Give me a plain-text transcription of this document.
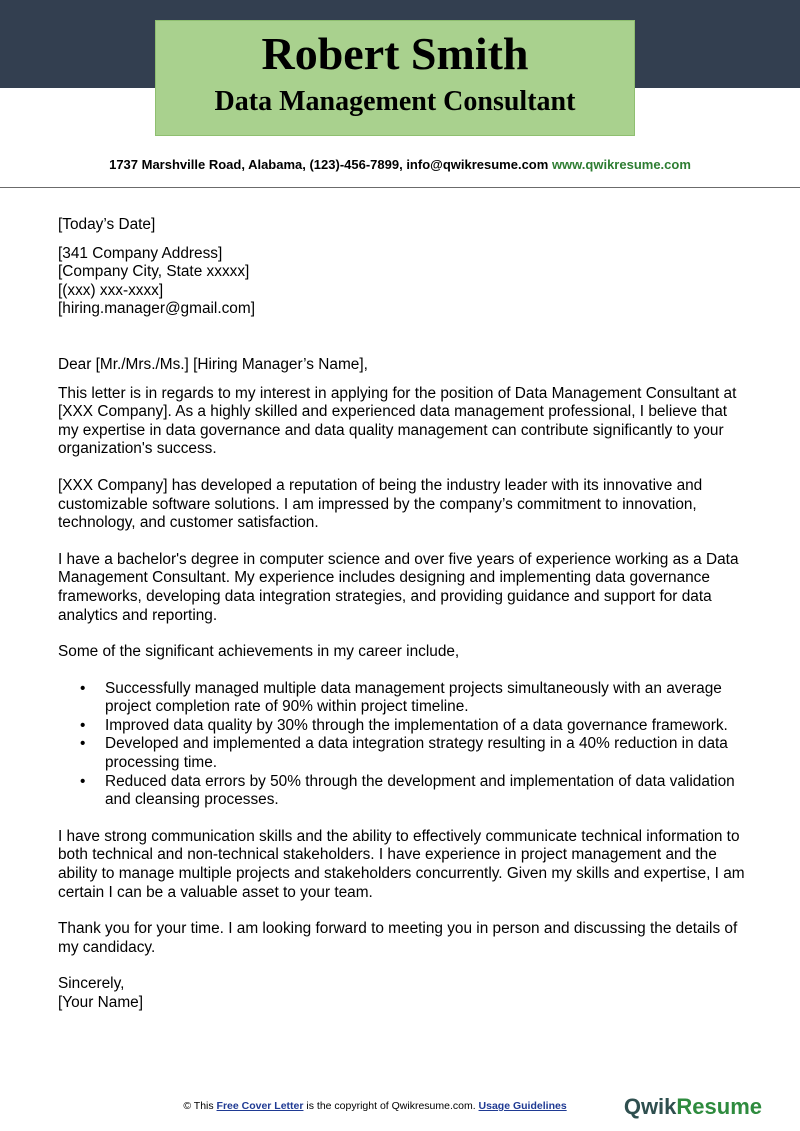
Robert Smith
Data Management Consultant
1737 Marshville Road, Alabama, (123)-456-7899, info@qwikresume.com www.qwikresume.com

[Today’s Date]

[341 Company Address]

[Company City, State xxxxx]

[(xxx) xxx-xxxx]

[hiring.manager@gmail.com]

Dear [Mr./Mrs./Ms.] [Hiring Manager’s Name],

This letter is in regards to my interest in applying for the position of Data Management Consultant at [XXX Company]. As a highly skilled and experienced data management professional, I believe that my expertise in data governance and data quality management can contribute significantly to your organization's success.

[XXX Company] has developed a reputation of being the industry leader with its innovative and customizable software solutions. I am impressed by the company’s commitment to innovation, technology, and customer satisfaction.

I have a bachelor's degree in computer science and over five years of experience working as a Data Management Consultant. My experience includes designing and implementing data governance frameworks, developing data integration strategies, and providing guidance and support for data analytics and reporting.

Some of the significant achievements in my career include,

• Successfully managed multiple data management projects simultaneously with an average project completion rate of 90% within project timeline.
• Improved data quality by 30% through the implementation of a data governance framework.
• Developed and implemented a data integration strategy resulting in a 40% reduction in data processing time.
• Reduced data errors by 50% through the development and implementation of data validation and cleansing processes.

I have strong communication skills and the ability to effectively communicate technical information to both technical and non-technical stakeholders. I have experience in project management and the ability to manage multiple projects and stakeholders concurrently. Given my skills and expertise, I am certain I can be a valuable asset to your team.

Thank you for your time. I am looking forward to meeting you in person and discussing the details of my candidacy.

Sincerely,

[Your Name]

© This Free Cover Letter is the copyright of Qwikresume.com. Usage Guidelines	QwikResume
